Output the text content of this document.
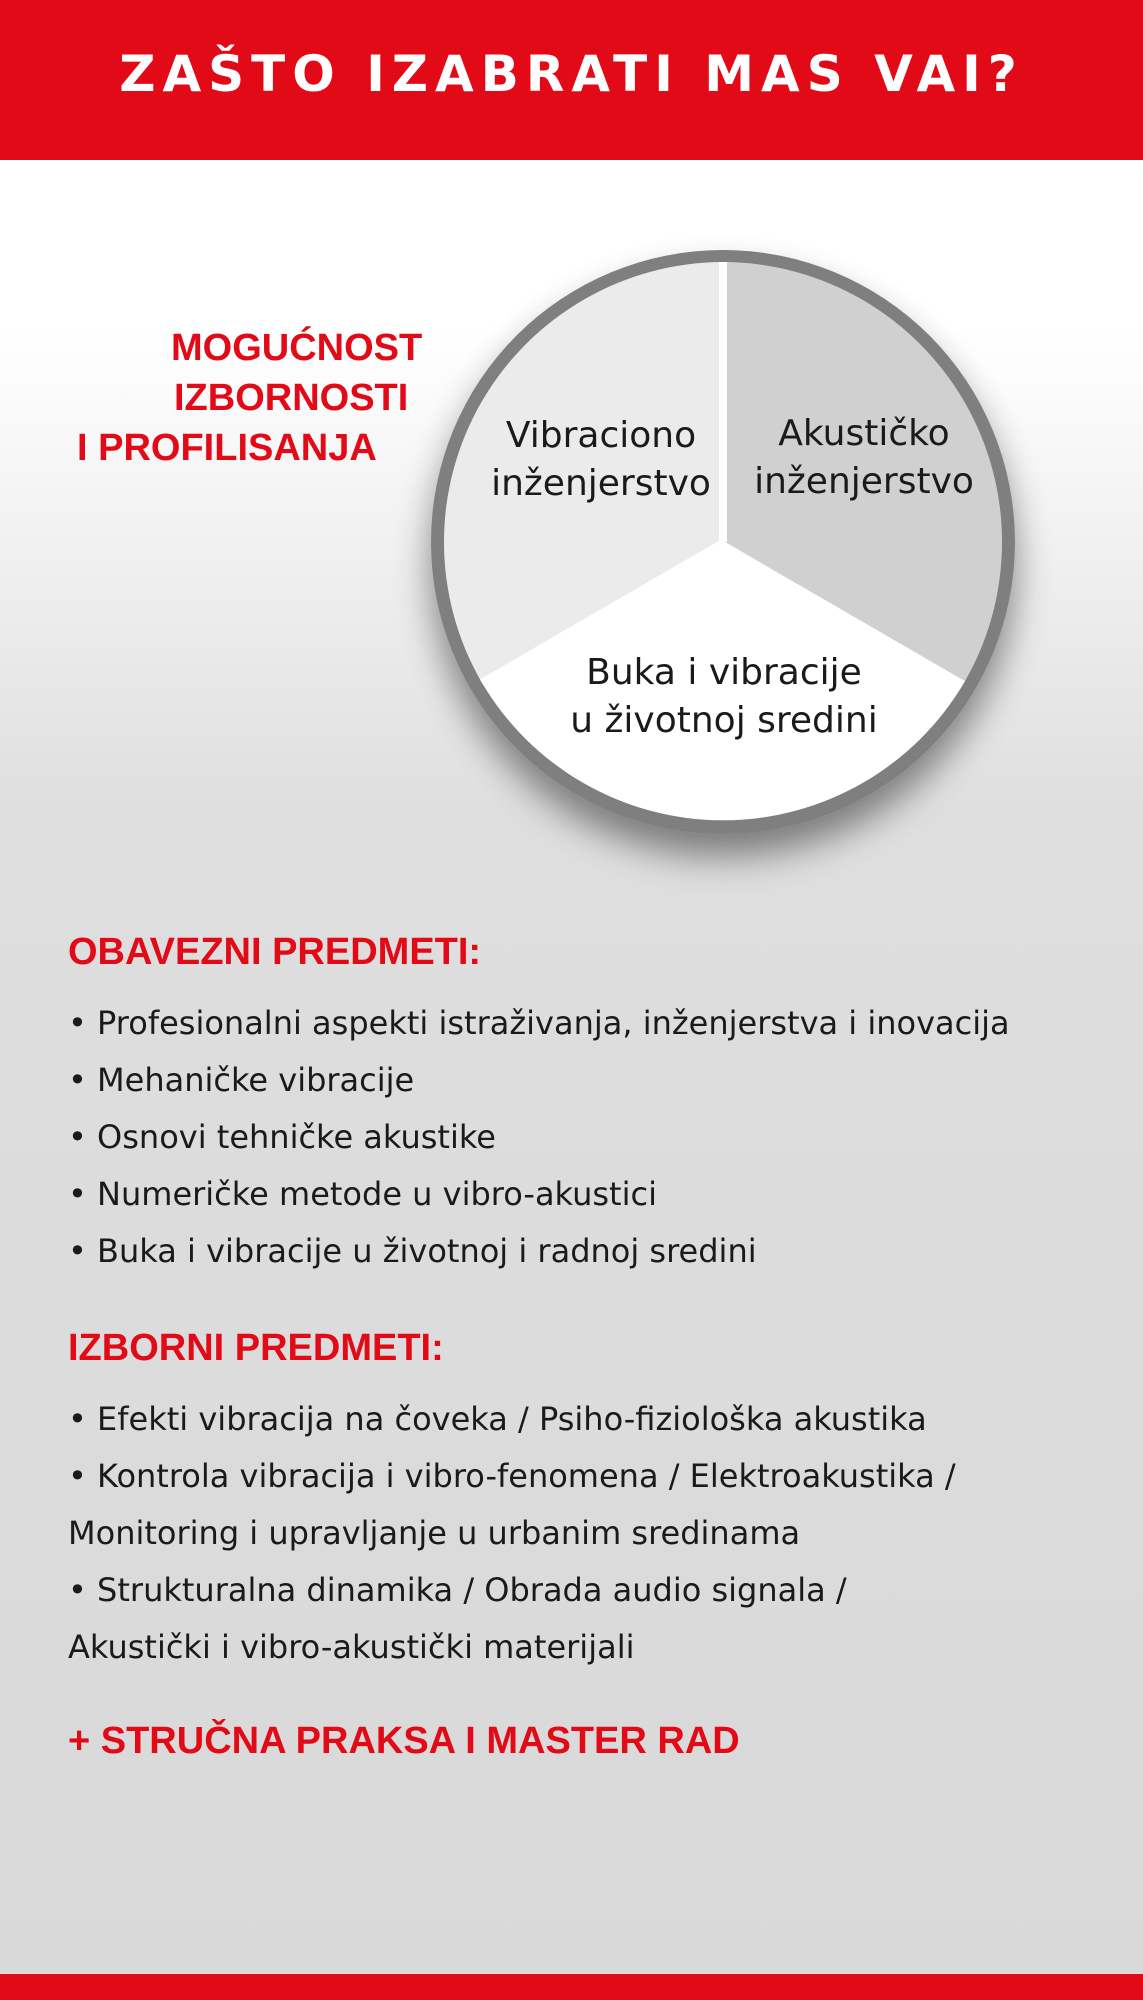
ZAŠTO IZABRATI MAS VAI?
MOGUĆNOST
IZBORNOSTI
I PROFILISANJA	Vibraciono
inženjerstvo
Akustičko
inženjerstvo
Buka i vibracije
u životnoj sredini
OBAVEZNI PREDMETI:
• Profesionalni aspekti istraživanja, inženjerstva i inovacija
• Mehaničke vibracije
• Osnovi tehničke akustike
• Numeričke metode u vibro-akustici
• Buka i vibracije u životnoj i radnoj sredini
IZBORNI PREDMETI:
• Efekti vibracija na čoveka / Psiho-fiziološka akustika
• Kontrola vibracija i vibro-fenomena / Elektroakustika /
Monitoring i upravljanje u urbanim sredinama
• Strukturalna dinamika / Obrada audio signala /
Akustički i vibro-akustički materijali
+ STRUČNA PRAKSA I MASTER RAD
